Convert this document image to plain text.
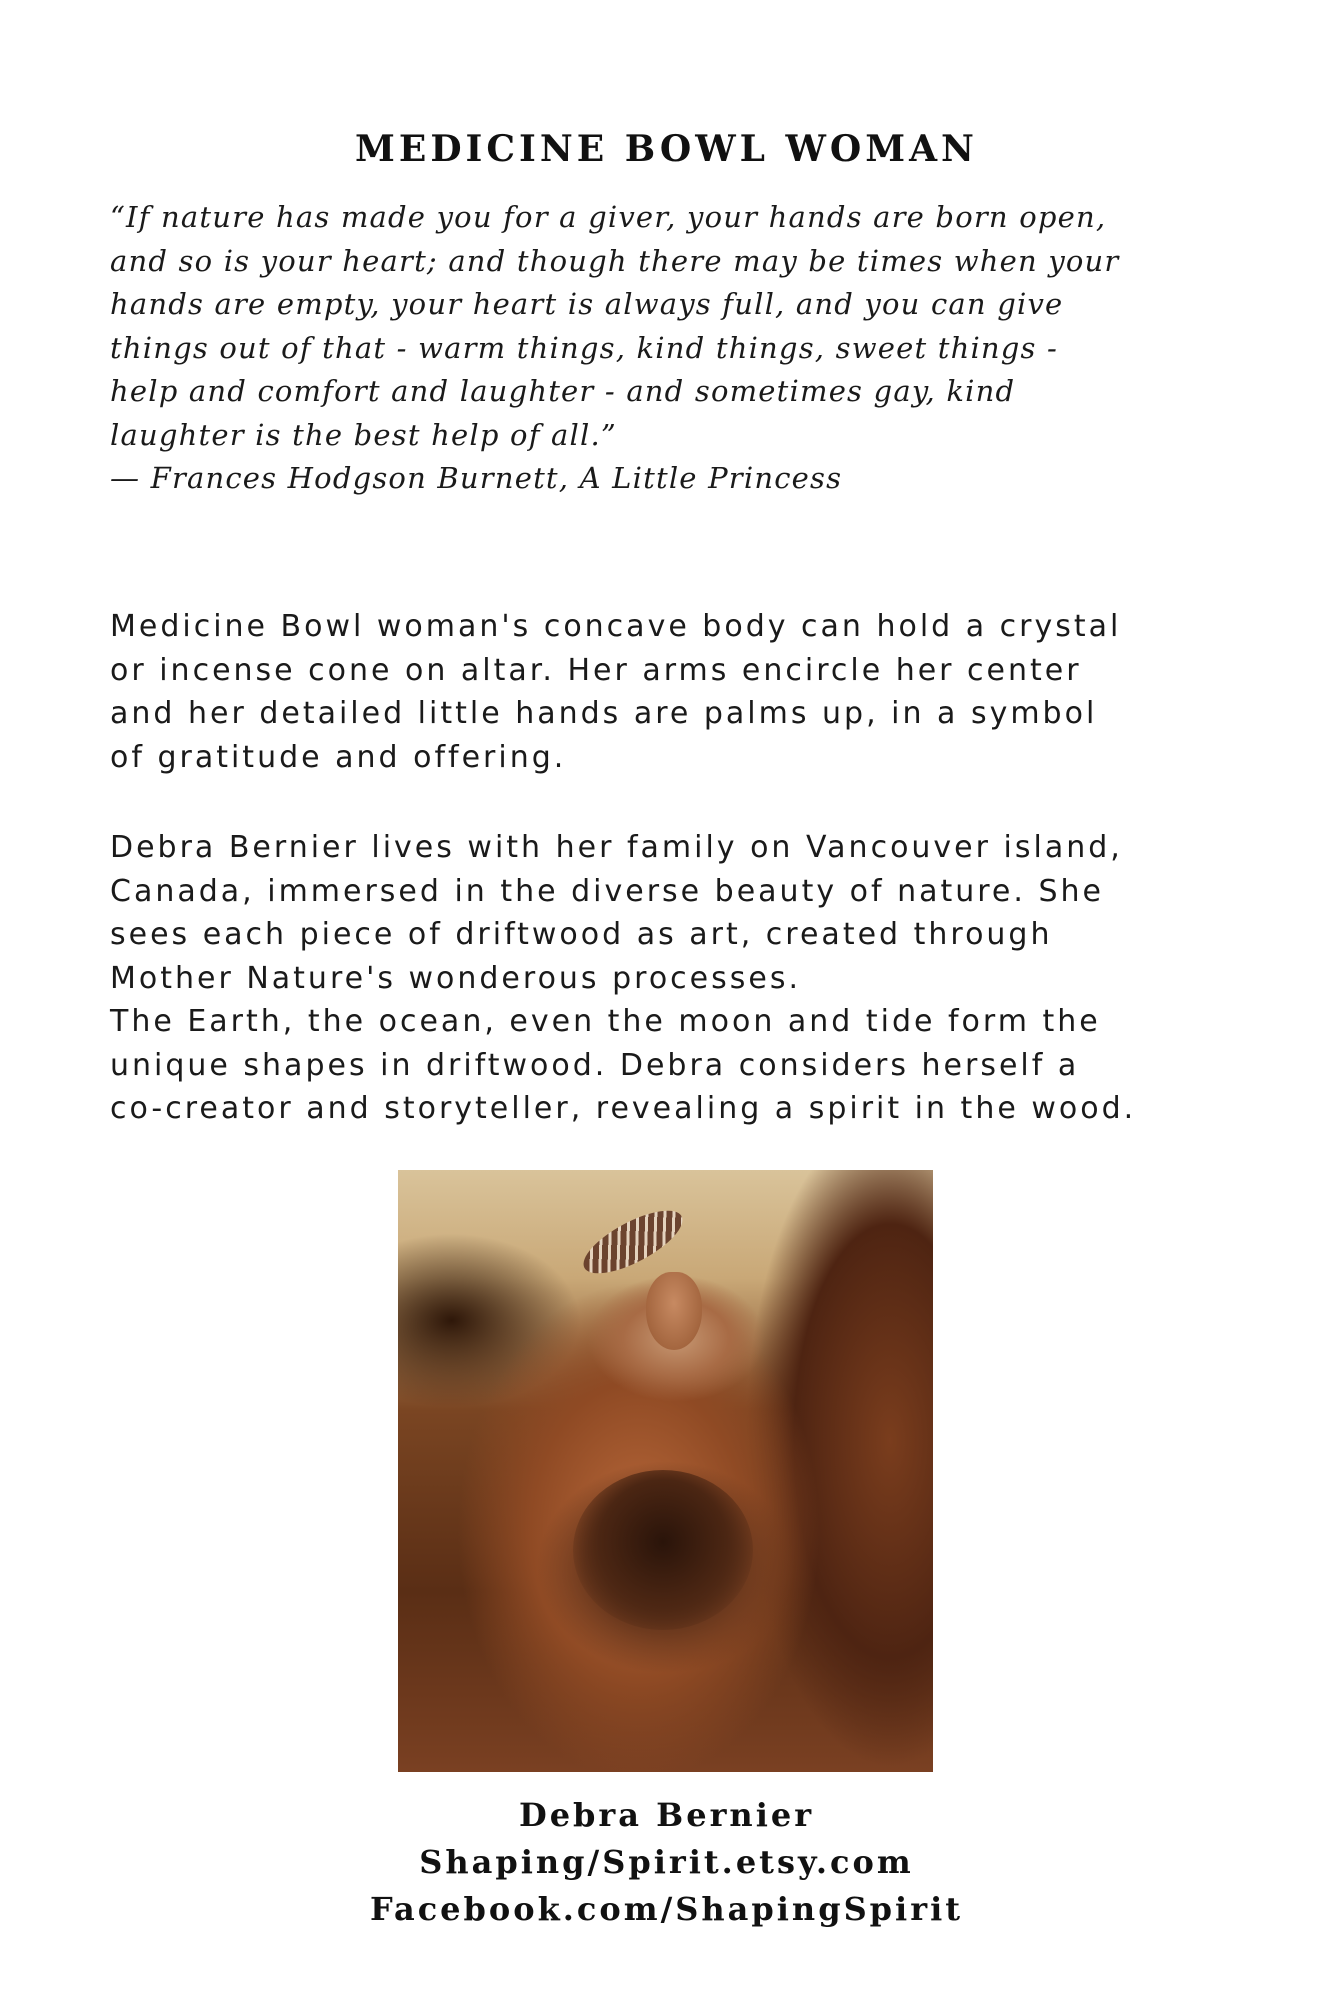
MEDICINE BOWL WOMAN
“If nature has made you for a giver, your hands are born open,
and so is your heart; and though there may be times when your
hands are empty, your heart is always full, and you can give
things out of that - warm things, kind things, sweet things -
help and comfort and laughter - and sometimes gay, kind
laughter is the best help of all.”
— Frances Hodgson Burnett, A Little Princess
Medicine Bowl woman's concave body can hold a crystal
or incense cone on altar. Her arms encircle her center
and her detailed little hands are palms up, in a symbol
of gratitude and offering.
Debra Bernier lives with her family on Vancouver island,
Canada, immersed in the diverse beauty of nature. She
sees each piece of driftwood as art, created through
Mother Nature's wonderous processes.
The Earth, the ocean, even the moon and tide form the
unique shapes in driftwood. Debra considers herself a
co-creator and storyteller, revealing a spirit in the wood.
Debra Bernier
Shaping/Spirit.etsy.com
Facebook.com/ShapingSpirit
